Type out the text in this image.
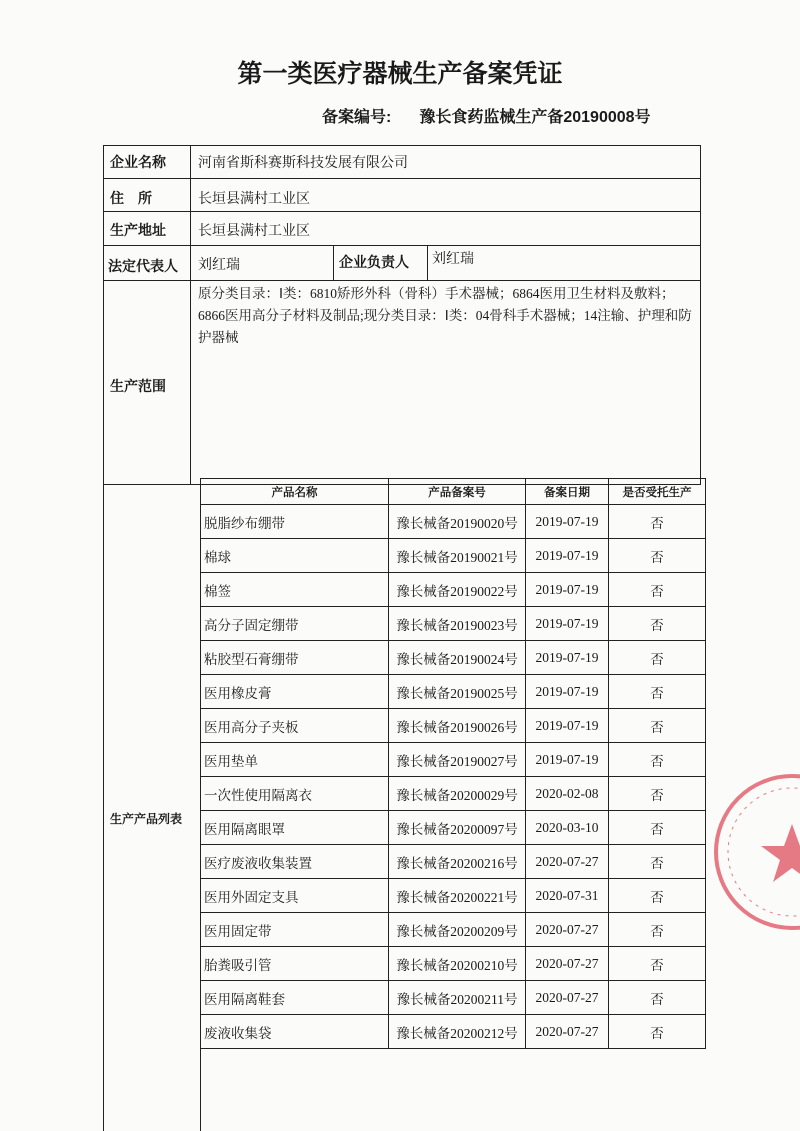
第一类医疗器械生产备案凭证
备案编号: 豫长食药监械生产备20190008号
企业名称 河南省斯科赛斯科技发展有限公司
住　所	长垣县满村工业区
生产地址 长垣县满村工业区
法定代表人 刘红瑞	企业负责人 刘红瑞
生产范围
原分类目录：Ⅰ类：6810矫形外科（骨科）手术器械；6864医用卫生材料及敷料；6866医用高分子材料及制品;现分类目录：Ⅰ类：04骨科手术器械；14注输、护理和防护器械
生产产品列表
产品名称	产品备案号	备案日期	是否受托生产
脱脂纱布绷带	豫长械备20190020号	2019-07-19	否
棉球	豫长械备20190021号	2019-07-19	否
棉签	豫长械备20190022号	2019-07-19	否
高分子固定绷带	豫长械备20190023号	2019-07-19	否
粘胶型石膏绷带	豫长械备20190024号	2019-07-19	否
医用橡皮膏	豫长械备20190025号	2019-07-19	否
医用高分子夹板	豫长械备20190026号	2019-07-19	否
医用垫单	豫长械备20190027号	2019-07-19	否
一次性使用隔离衣	豫长械备20200029号	2020-02-08	否
医用隔离眼罩	豫长械备20200097号	2020-03-10	否
医疗废液收集装置	豫长械备20200216号	2020-07-27	否
医用外固定支具	豫长械备20200221号	2020-07-31	否
医用固定带	豫长械备20200209号	2020-07-27	否
胎粪吸引管	豫长械备20200210号	2020-07-27	否
医用隔离鞋套	豫长械备20200211号	2020-07-27	否
废液收集袋	豫长械备20200212号	2020-07-27	否
